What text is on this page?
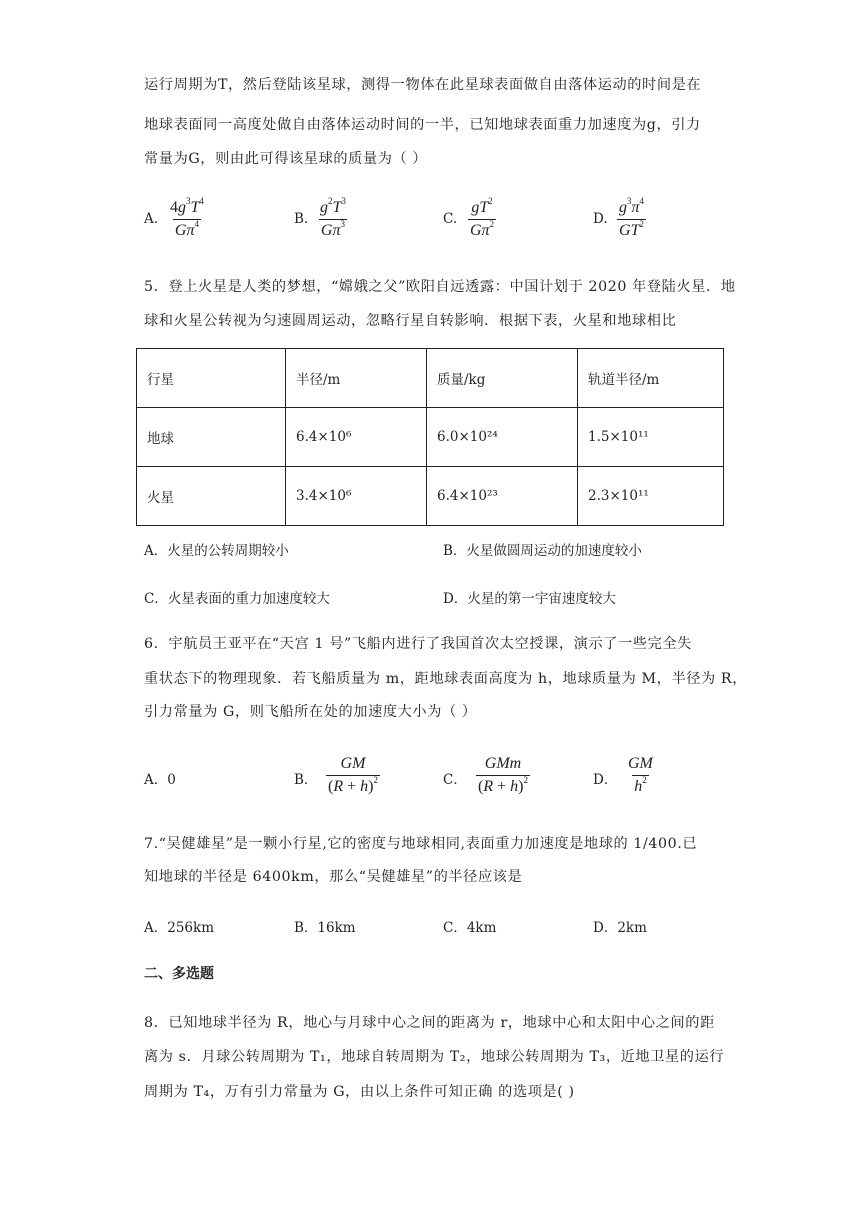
运行周期为T，然后登陆该星球，测得一物体在此星球表面做自由落体运动的时间是在
地球表面同一高度处做自由落体运动时间的一半，已知地球表面重力加速度为g，引力
常量为G，则由此可得该星球的质量为（ ）
A. $\frac{4g^3T^4}{G\pi^4}$	B. $\frac{g^2T^3}{G\pi^3}$	C. $\frac{gT^2}{G\pi^2}$	D. $\frac{g^3\pi^4}{GT^2}$
5．登上火星是人类的梦想，“嫦娥之父”欧阳自远透露：中国计划于 2020 年登陆火星．地
球和火星公转视为匀速圆周运动，忽略行星自转影响．根据下表，火星和地球相比
行星	半径/m	质量/kg	轨道半径/m
地球	6.4×10⁶	6.0×10²⁴	1.5×10¹¹
火星	3.4×10⁶	6.4×10²³	2.3×10¹¹
A．火星的公转周期较小	B．火星做圆周运动的加速度较小
C．火星表面的重力加速度较大	D．火星的第一宇宙速度较大
6．宇航员王亚平在“天宫 1 号”飞船内进行了我国首次太空授课，演示了一些完全失
重状态下的物理现象．若飞船质量为 m，距地球表面高度为 h，地球质量为 M，半径为 R，
引力常量为 G，则飞船所在处的加速度大小为（ ）
A．0	B． $\frac{GM}{(R + h)^2}$	C．
GMm
$(R + h)^2$	D． $\frac{GM}{h^2}$
7.“吴健雄星”是一颗小行星,它的密度与地球相同,表面重力加速度是地球的 1/400.已
知地球的半径是 6400km，那么“吴健雄星”的半径应该是
A．256km	B．16km	C．4km	D．2km
二、多选题
8．已知地球半径为 R，地心与月球中心之间的距离为 r，地球中心和太阳中心之间的距
离为 s．月球公转周期为 T₁，地球自转周期为 T₂，地球公转周期为 T₃，近地卫星的运行
周期为 T₄，万有引力常量为 G，由以上条件可知正确 的选项是( )
